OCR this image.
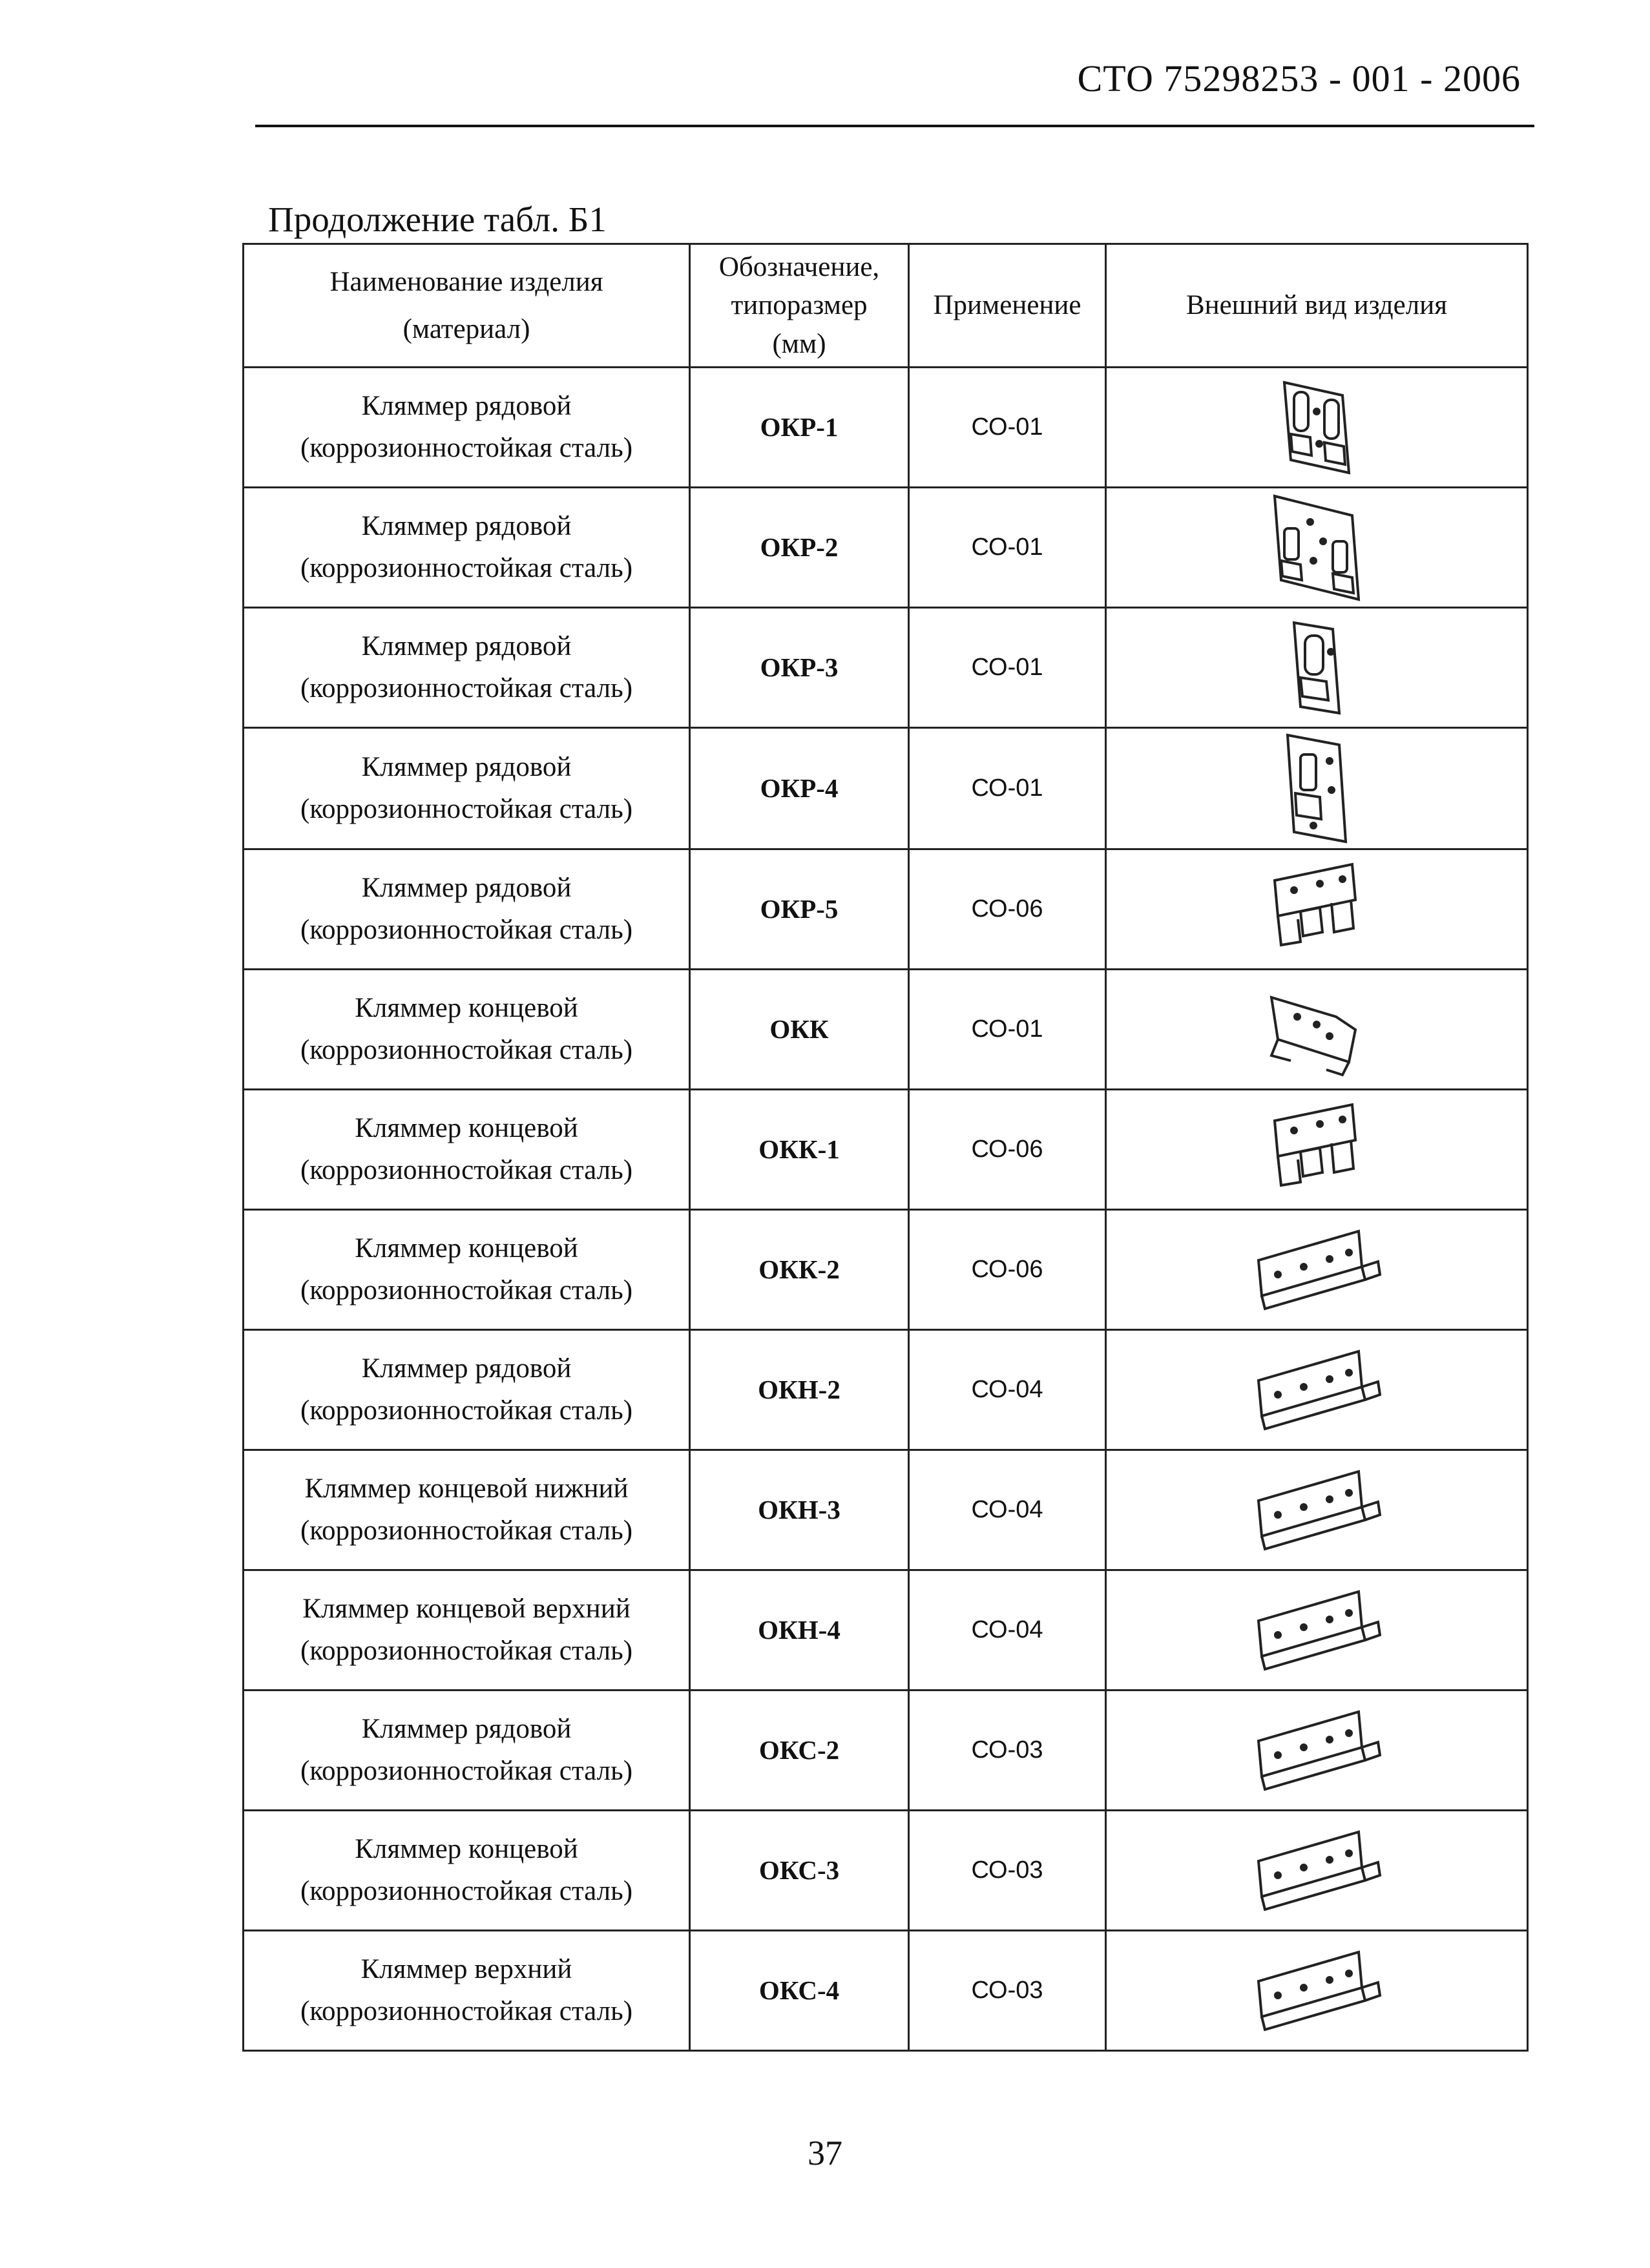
СТО 75298253 - 001 - 2006
Продолжение табл. Б1
Наименование изделия
(материал)	Обозначение,
типоразмер
(мм)	Применение	Внешний вид изделия

Кляммер рядовой
(коррозионностойкая сталь)	ОКР-1	СО-01	

Кляммер рядовой
(коррозионностойкая сталь)	ОКР-2	СО-01	

Кляммер рядовой
(коррозионностойкая сталь)	ОКР-3	СО-01	

Кляммер рядовой
(коррозионностойкая сталь)	ОКР-4	СО-01	

Кляммер рядовой
(коррозионностойкая сталь)	ОКР-5	СО-06	

Кляммер концевой
(коррозионностойкая сталь)	ОКК	СО-01	

Кляммер концевой
(коррозионностойкая сталь)	ОКК-1	СО-06	

Кляммер концевой
(коррозионностойкая сталь)	ОКК-2	СО-06	

Кляммер рядовой
(коррозионностойкая сталь)	ОКН-2	СО-04	

Кляммер концевой нижний
(коррозионностойкая сталь)	ОКН-3	СО-04	

Кляммер концевой верхний
(коррозионностойкая сталь)	ОКН-4	СО-04	

Кляммер рядовой
(коррозионностойкая сталь)	ОКС-2	СО-03	

Кляммер концевой
(коррозионностойкая сталь)	ОКС-3	СО-03	

Кляммер верхний
(коррозионностойкая сталь)	ОКС-4	СО-03	
37
